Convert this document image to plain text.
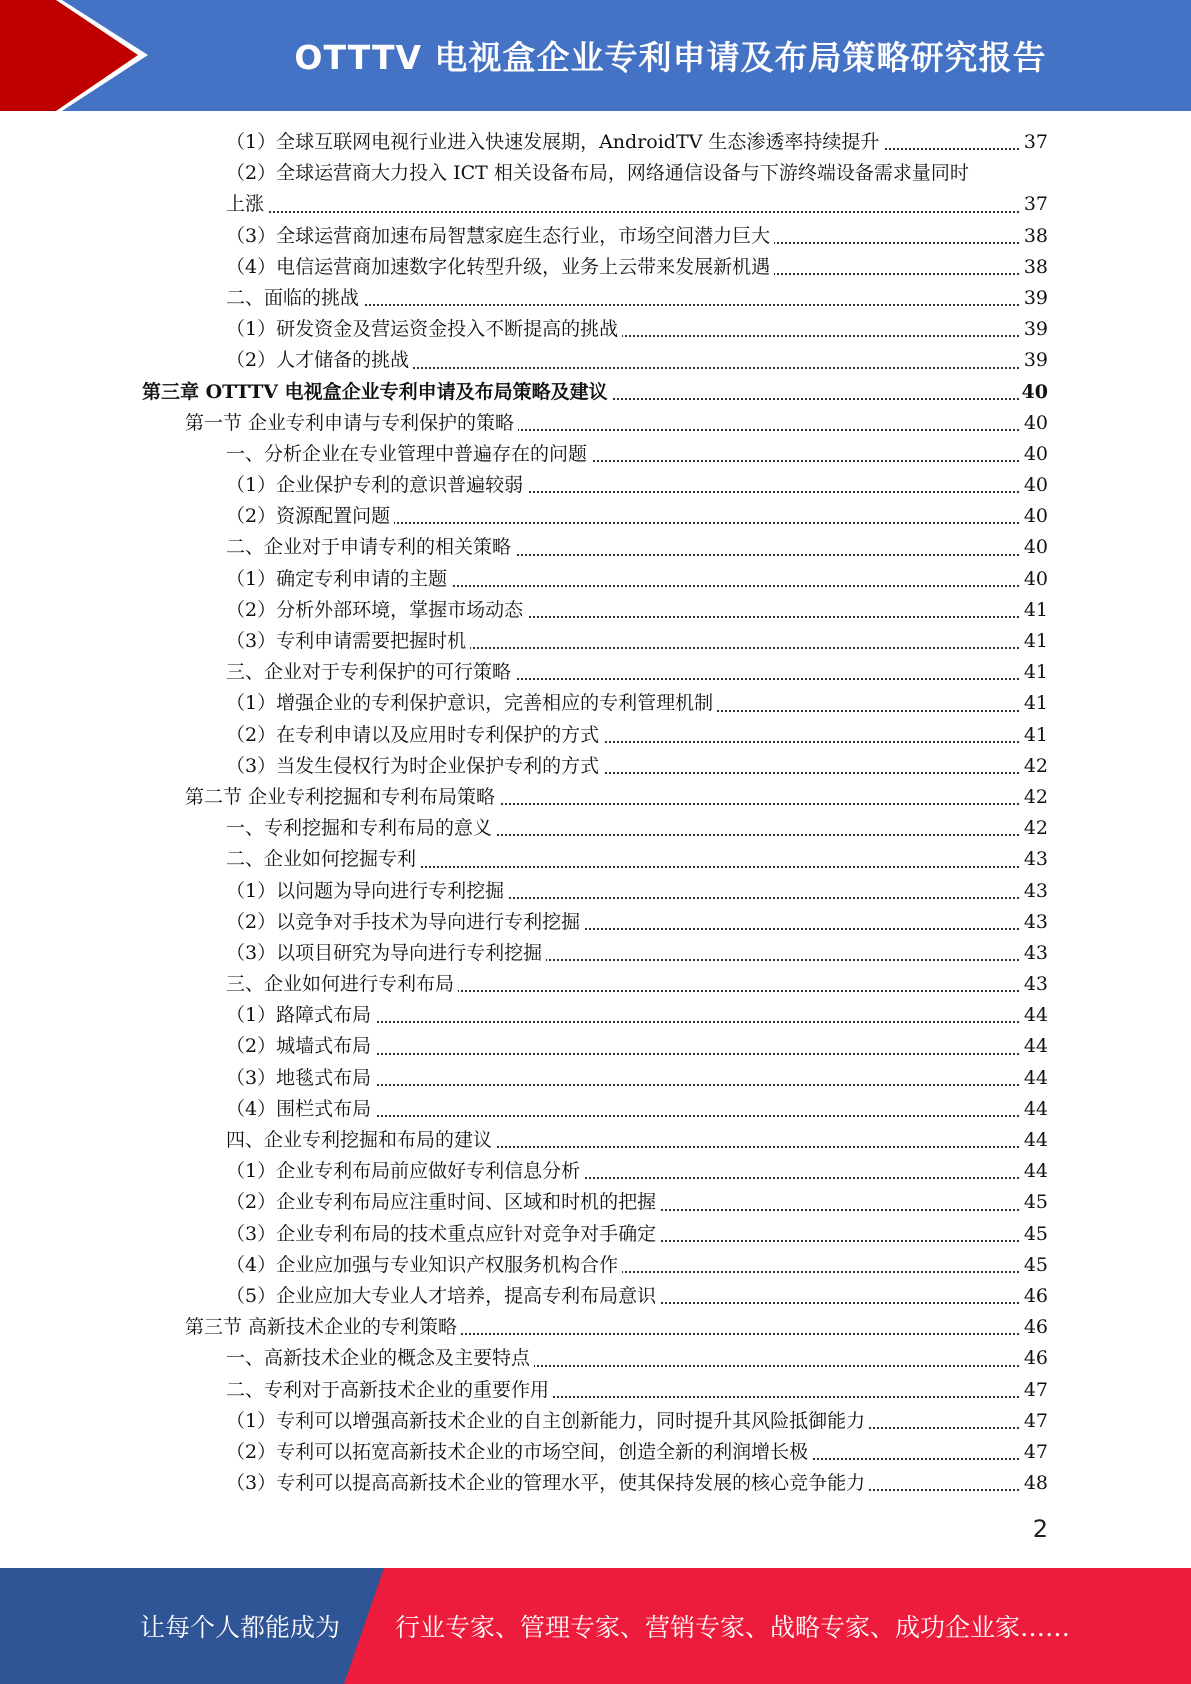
OTTTV 电视盒企业专利申请及布局策略研究报告
（1）全球互联网电视行业进入快速发展期，AndroidTV 生态渗透率持续提升	37
（2）全球运营商大力投入 ICT 相关设备布局，网络通信设备与下游终端设备需求量同时
上涨	37
（3）全球运营商加速布局智慧家庭生态行业，市场空间潜力巨大	38
（4）电信运营商加速数字化转型升级，业务上云带来发展新机遇	38
二、面临的挑战	39
（1）研发资金及营运资金投入不断提高的挑战	39
（2）人才储备的挑战	39
第三章 OTTTV 电视盒企业专利申请及布局策略及建议	40
第一节 企业专利申请与专利保护的策略	40
一、分析企业在专业管理中普遍存在的问题	40
（1）企业保护专利的意识普遍较弱	40
（2）资源配置问题	40
二、企业对于申请专利的相关策略	40
（1）确定专利申请的主题	40
（2）分析外部环境，掌握市场动态	41
（3）专利申请需要把握时机	41
三、企业对于专利保护的可行策略	41
（1）增强企业的专利保护意识，完善相应的专利管理机制	41
（2）在专利申请以及应用时专利保护的方式	41
（3）当发生侵权行为时企业保护专利的方式	42
第二节 企业专利挖掘和专利布局策略	42
一、专利挖掘和专利布局的意义	42
二、企业如何挖掘专利	43
（1）以问题为导向进行专利挖掘	43
（2）以竞争对手技术为导向进行专利挖掘	43
（3）以项目研究为导向进行专利挖掘	43
三、企业如何进行专利布局	43
（1）路障式布局	44
（2）城墙式布局	44
（3）地毯式布局	44
（4）围栏式布局	44
四、企业专利挖掘和布局的建议	44
（1）企业专利布局前应做好专利信息分析	44
（2）企业专利布局应注重时间、区域和时机的把握	45
（3）企业专利布局的技术重点应针对竞争对手确定	45
（4）企业应加强与专业知识产权服务机构合作	45
（5）企业应加大专业人才培养，提高专利布局意识	46
第三节 高新技术企业的专利策略	46
一、高新技术企业的概念及主要特点	46
二、专利对于高新技术企业的重要作用	47
（1）专利可以增强高新技术企业的自主创新能力，同时提升其风险抵御能力	47
（2）专利可以拓宽高新技术企业的市场空间，创造全新的利润增长极	47
（3）专利可以提高高新技术企业的管理水平，使其保持发展的核心竞争能力	48
2
让每个人都能成为 行业专家、管理专家、营销专家、战略专家、成功企业家……
